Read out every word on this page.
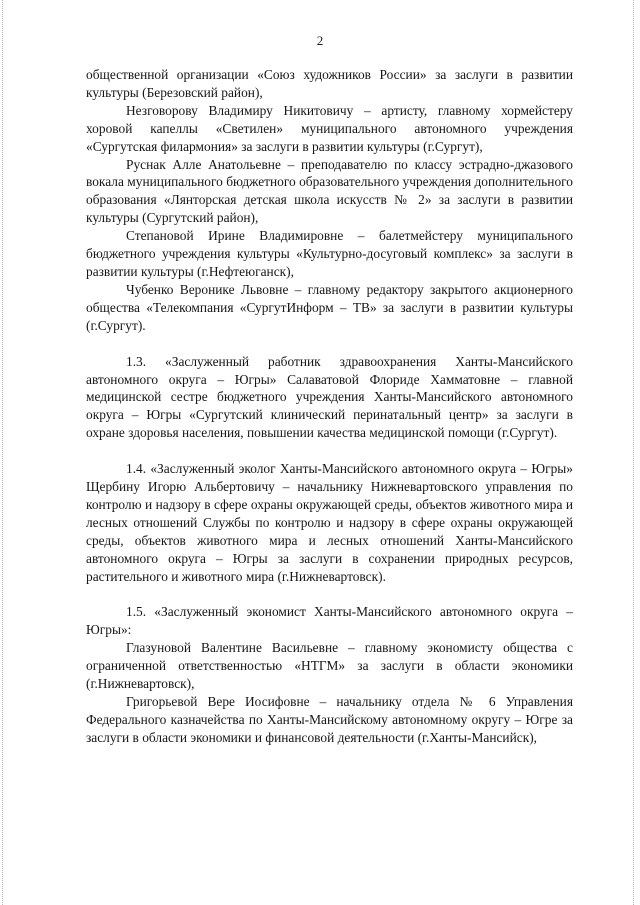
2

общественной организации «Союз художников России» за заслуги в развитии культуры (Березовский район),

Незговорову Владимиру Никитовичу – артисту, главному хормейстеру хоровой капеллы «Светилен» муниципального автономного учреждения «Сургутская филармония» за заслуги в развитии культуры (г.Сургут),

Руснак Алле Анатольевне – преподавателю по классу эстрадно-джазового вокала муниципального бюджетного образовательного учреждения дополнительного образования «Лянторская детская школа искусств № 2» за заслуги в развитии культуры (Сургутский район),

Степановой Ирине Владимировне – балетмейстеру муниципального бюджетного учреждения культуры «Культурно-досуговый комплекс» за заслуги в развитии культуры (г.Нефтеюганск),

Чубенко Веронике Львовне – главному редактору закрытого акционерного общества «Телекомпания «СургутИнформ – ТВ» за заслуги в развитии культуры (г.Сургут).

1.3. «Заслуженный работник здравоохранения Ханты-Мансийского автономного округа – Югры» Салаватовой Флориде Хамматовне – главной медицинской сестре бюджетного учреждения Ханты-Мансийского автономного округа – Югры «Сургутский клинический перинатальный центр» за заслуги в охране здоровья населения, повышении качества медицинской помощи (г.Сургут).

1.4. «Заслуженный эколог Ханты-Мансийского автономного округа – Югры» Щербину Игорю Альбертовичу – начальнику Нижневартовского управления по контролю и надзору в сфере охраны окружающей среды, объектов животного мира и лесных отношений Службы по контролю и надзору в сфере охраны окружающей среды, объектов животного мира и лесных отношений Ханты-Мансийского автономного округа – Югры за заслуги в сохранении природных ресурсов, растительного и животного мира (г.Нижневартовск).

1.5. «Заслуженный экономист Ханты-Мансийского автономного округа – Югры»:

Глазуновой Валентине Васильевне – главному экономисту общества с ограниченной ответственностью «НТГМ» за заслуги в области экономики (г.Нижневартовск),

Григорьевой Вере Иосифовне – начальнику отдела № 6 Управления Федерального казначейства по Ханты-Мансийскому автономному округу – Югре за заслуги в области экономики и финансовой деятельности (г.Ханты-Мансийск),
